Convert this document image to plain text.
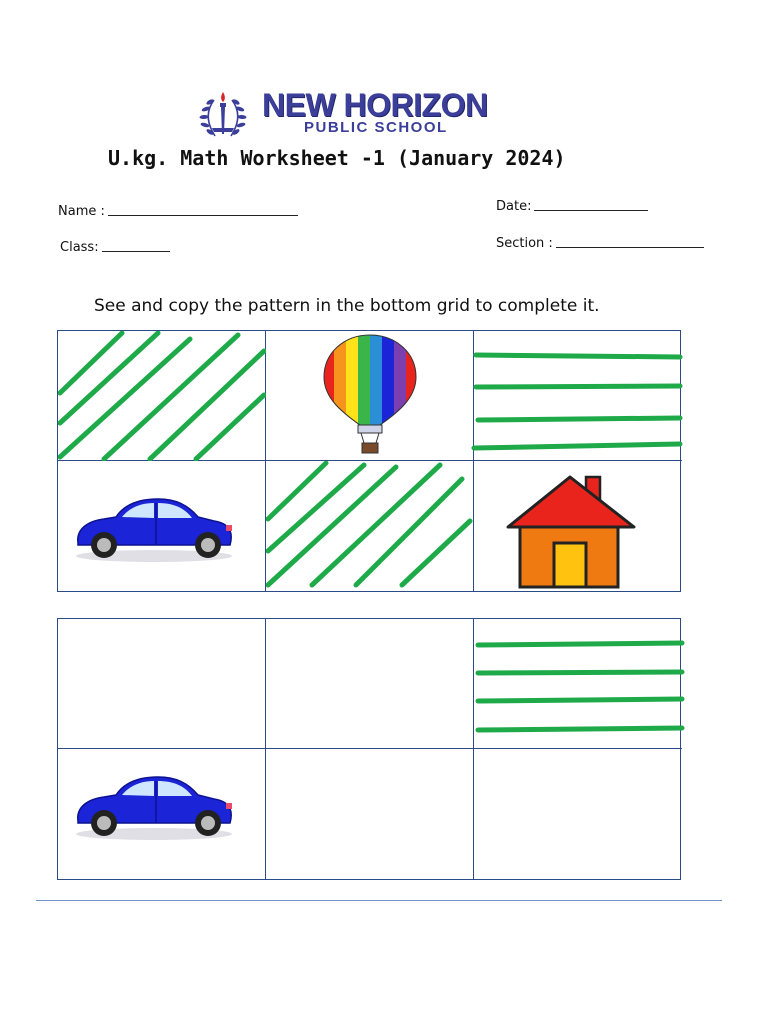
NEW HORIZON
PUBLIC SCHOOL
U.kg. Math Worksheet -1 (January 2024)
Name :
Class:
Date:
Section :

See and copy the pattern in the bottom grid to complete it.
